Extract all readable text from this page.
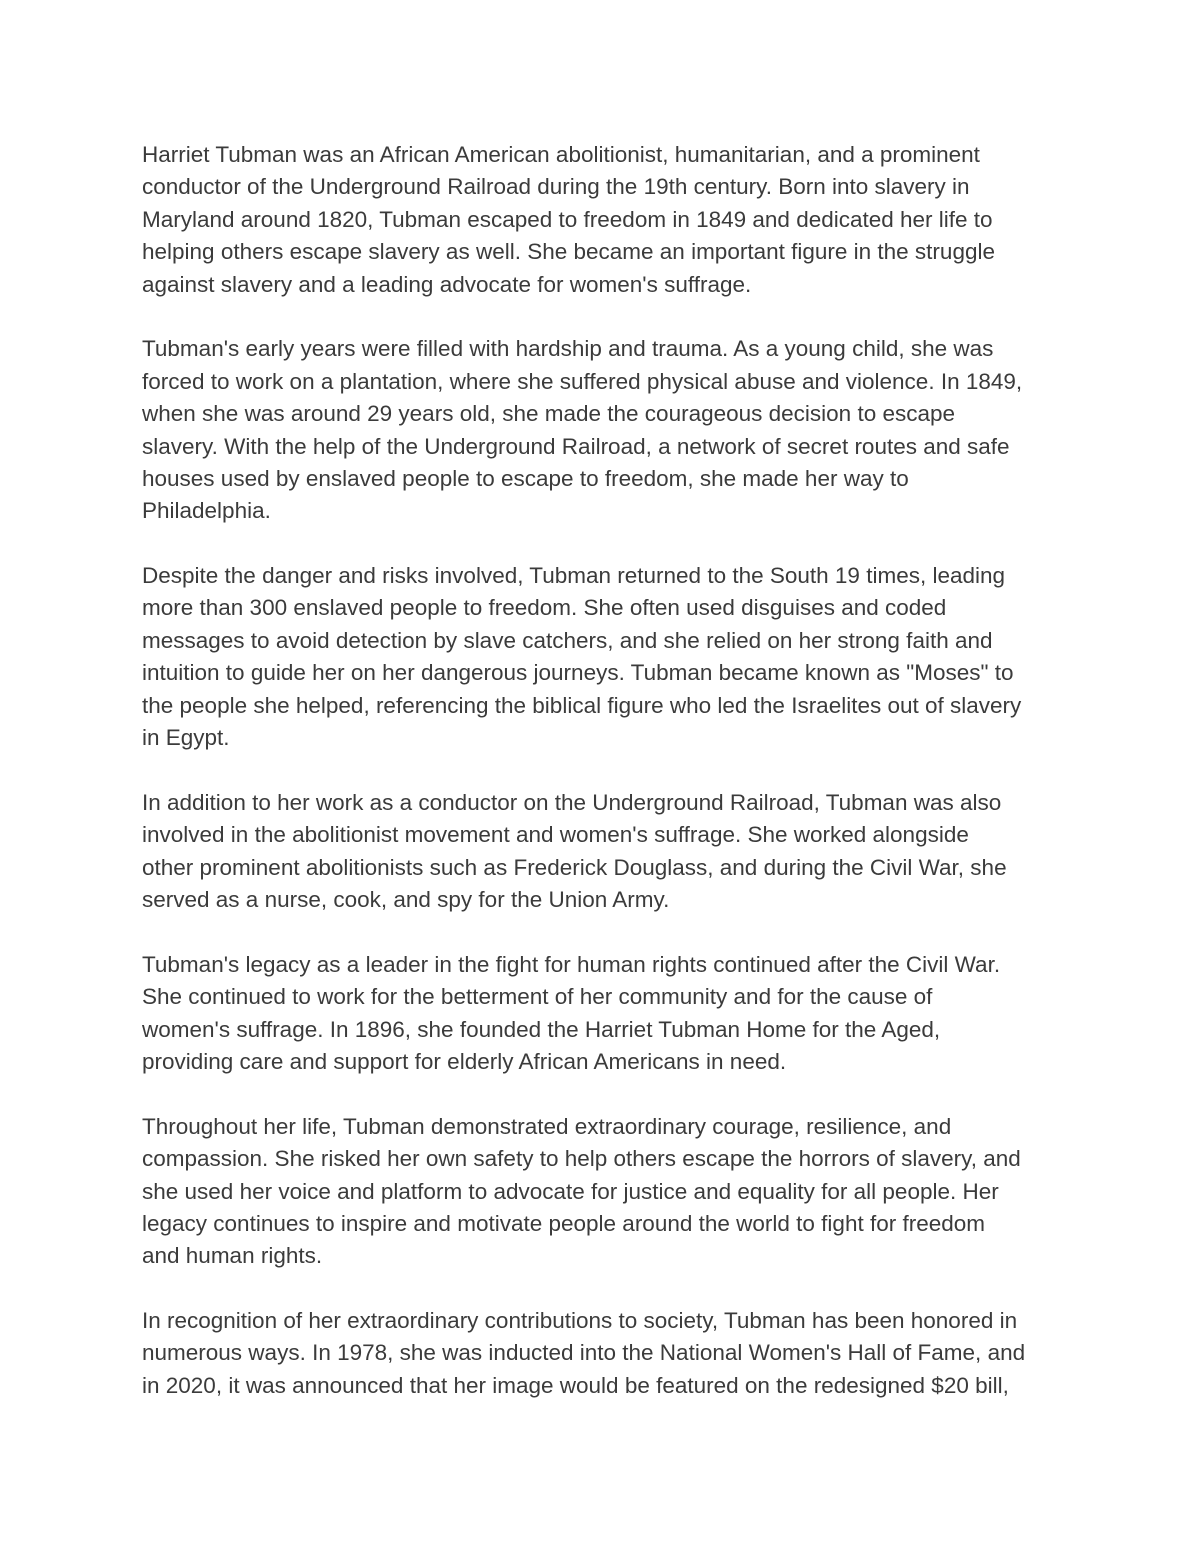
Harriet Tubman was an African American abolitionist, humanitarian, and a prominent
conductor of the Underground Railroad during the 19th century. Born into slavery in
Maryland around 1820, Tubman escaped to freedom in 1849 and dedicated her life to
helping others escape slavery as well. She became an important figure in the struggle
against slavery and a leading advocate for women's suffrage.

Tubman's early years were filled with hardship and trauma. As a young child, she was
forced to work on a plantation, where she suffered physical abuse and violence. In 1849,
when she was around 29 years old, she made the courageous decision to escape
slavery. With the help of the Underground Railroad, a network of secret routes and safe
houses used by enslaved people to escape to freedom, she made her way to
Philadelphia.

Despite the danger and risks involved, Tubman returned to the South 19 times, leading
more than 300 enslaved people to freedom. She often used disguises and coded
messages to avoid detection by slave catchers, and she relied on her strong faith and
intuition to guide her on her dangerous journeys. Tubman became known as "Moses" to
the people she helped, referencing the biblical figure who led the Israelites out of slavery
in Egypt.

In addition to her work as a conductor on the Underground Railroad, Tubman was also
involved in the abolitionist movement and women's suffrage. She worked alongside
other prominent abolitionists such as Frederick Douglass, and during the Civil War, she
served as a nurse, cook, and spy for the Union Army.

Tubman's legacy as a leader in the fight for human rights continued after the Civil War.
She continued to work for the betterment of her community and for the cause of
women's suffrage. In 1896, she founded the Harriet Tubman Home for the Aged,
providing care and support for elderly African Americans in need.

Throughout her life, Tubman demonstrated extraordinary courage, resilience, and
compassion. She risked her own safety to help others escape the horrors of slavery, and
she used her voice and platform to advocate for justice and equality for all people. Her
legacy continues to inspire and motivate people around the world to fight for freedom
and human rights.

In recognition of her extraordinary contributions to society, Tubman has been honored in
numerous ways. In 1978, she was inducted into the National Women's Hall of Fame, and
in 2020, it was announced that her image would be featured on the redesigned $20 bill,
